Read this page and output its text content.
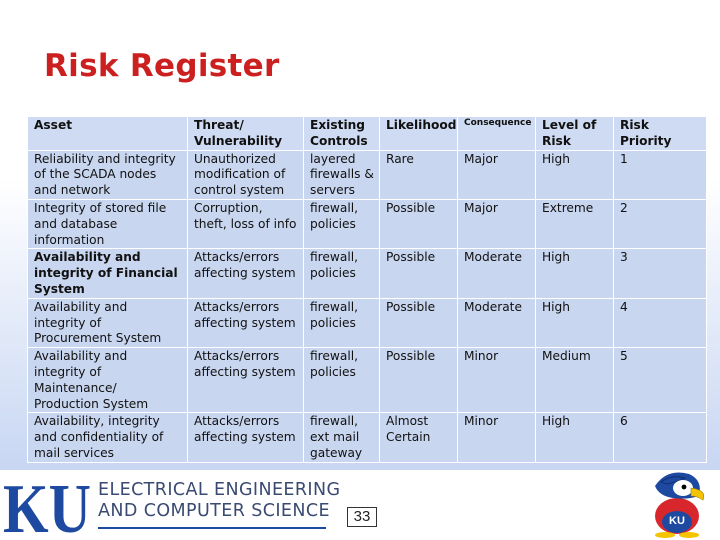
Risk Register
Asset	Threat/ Vulnerability	Existing Controls	Likelihood	Consequence	Level of Risk	Risk Priority
Reliability and integrity of the SCADA nodes and network	Unauthorized modification of control system	layered firewalls & servers	Rare	Major	High	1
Integrity of stored file and database information	Corruption, theft, loss of info	firewall, policies	Possible	Major	Extreme	2
Availability and integrity of Financial System	Attacks/errors affecting system	firewall, policies	Possible	Moderate	High	3
Availability and integrity of Procurement System	Attacks/errors affecting system	firewall, policies	Possible	Moderate	High	4
Availability and integrity of Maintenance/ Production System	Attacks/errors affecting system	firewall, policies	Possible	Minor	Medium	5
Availability, integrity and confidentiality of mail services	Attacks/errors affecting system	firewall, ext mail gateway	Almost Certain	Minor	High	6
KU ELECTRICAL ENGINEERING
AND COMPUTER SCIENCE	33	KU
